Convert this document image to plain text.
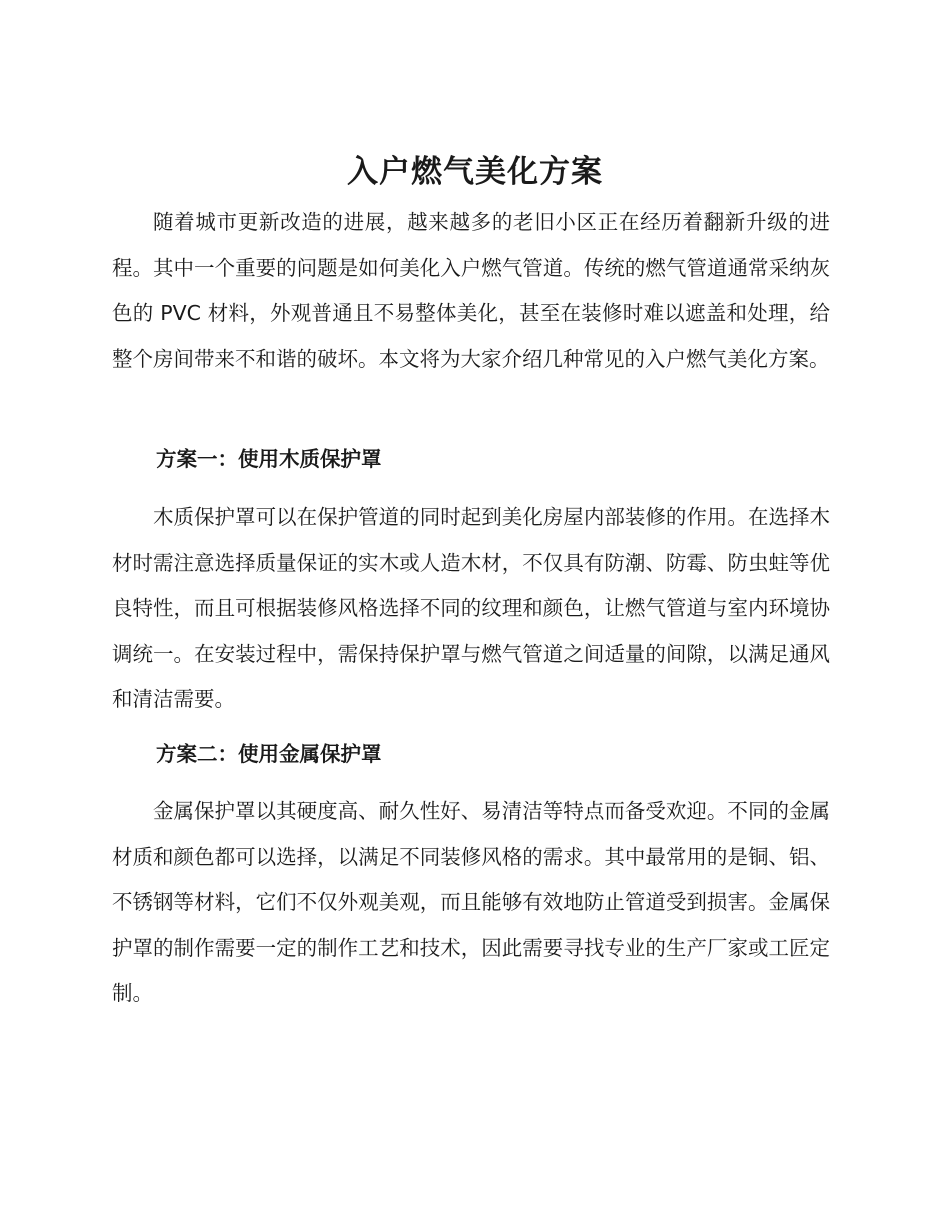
入户燃气美化方案

随着城市更新改造的进展，越来越多的老旧小区正在经历着翻新升级的进程。其中一个重要的问题是如何美化入户燃气管道。传统的燃气管道通常采纳灰色的 PVC 材料，外观普通且不易整体美化，甚至在装修时难以遮盖和处理，给整个房间带来不和谐的破坏。本文将为大家介绍几种常见的入户燃气美化方案。

方案一：使用木质保护罩

木质保护罩可以在保护管道的同时起到美化房屋内部装修的作用。在选择木材时需注意选择质量保证的实木或人造木材，不仅具有防潮、防霉、防虫蛀等优良特性，而且可根据装修风格选择不同的纹理和颜色，让燃气管道与室内环境协调统一。在安装过程中，需保持保护罩与燃气管道之间适量的间隙，以满足通风和清洁需要。

方案二：使用金属保护罩

金属保护罩以其硬度高、耐久性好、易清洁等特点而备受欢迎。不同的金属材质和颜色都可以选择，以满足不同装修风格的需求。其中最常用的是铜、铝、不锈钢等材料，它们不仅外观美观，而且能够有效地防止管道受到损害。金属保护罩的制作需要一定的制作工艺和技术，因此需要寻找专业的生产厂家或工匠定制。
